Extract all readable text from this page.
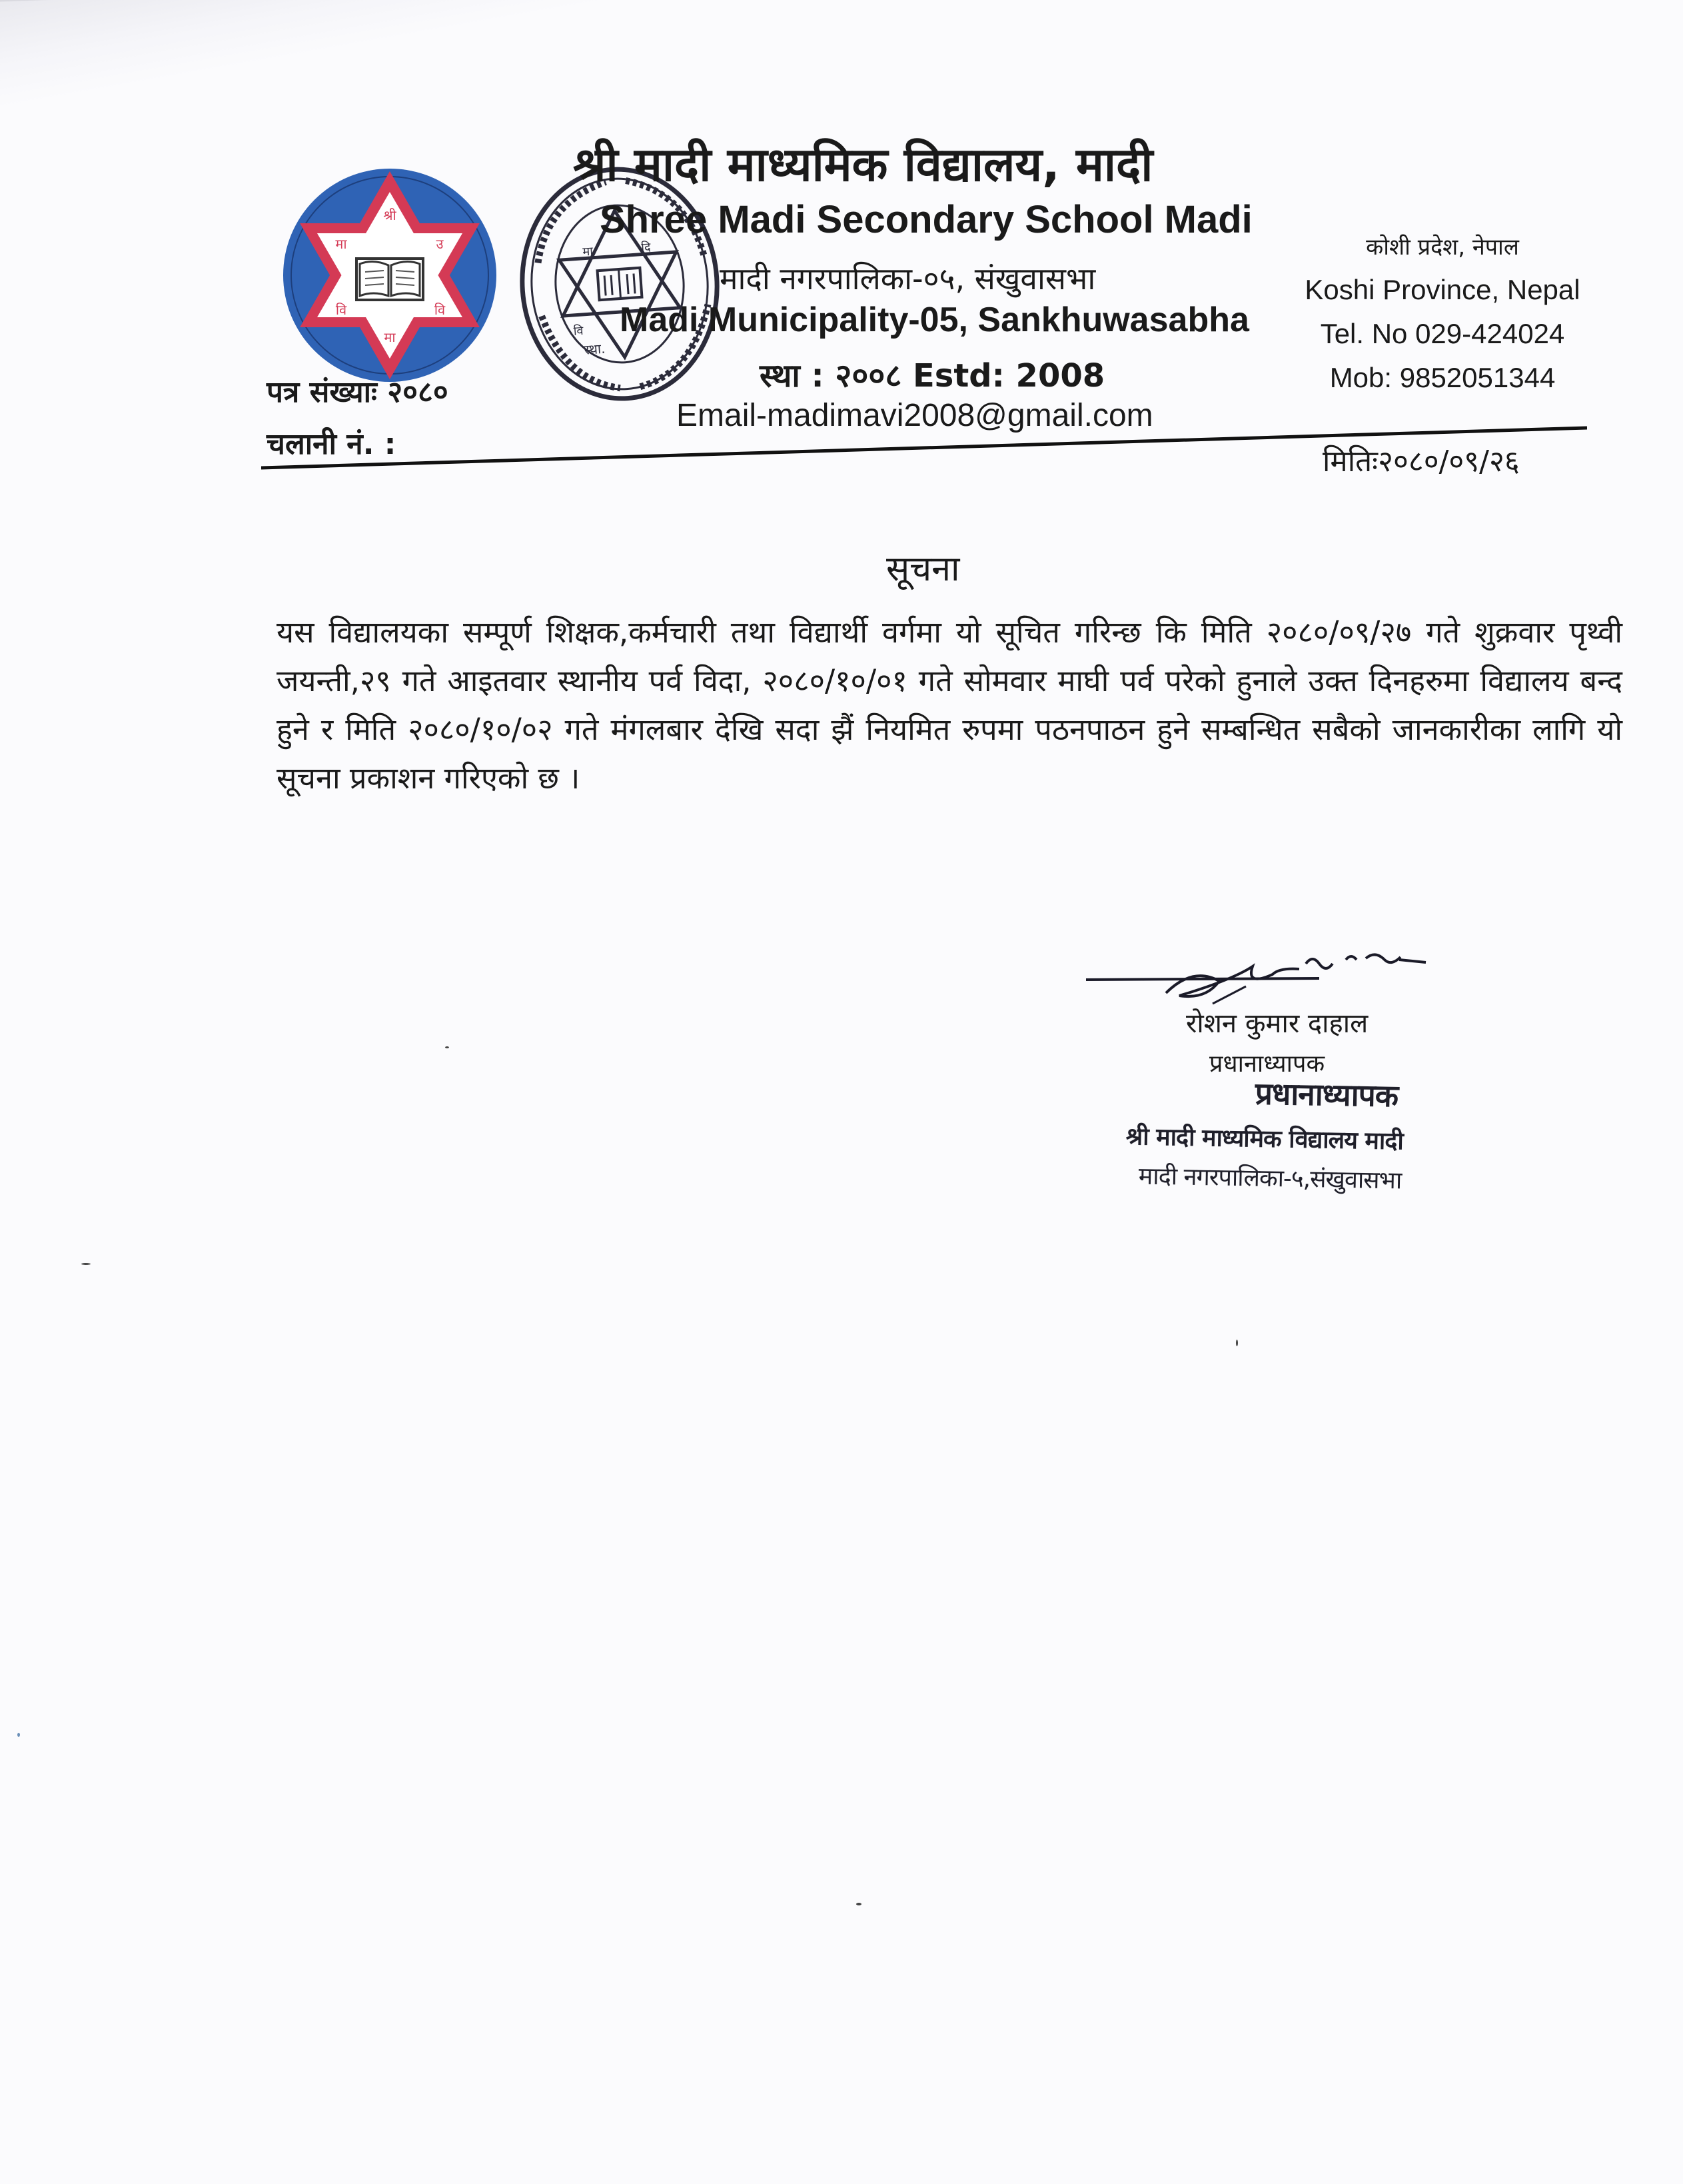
श्री
उ
वि
मा
वि
मा	मा	दि
वि
स्था.
श्री मादी माध्यमिक विद्यालय, मादी
Shree Madi Secondary School Madi
मादी नगरपालिका-०५, संखुवासभा
Madi Municipality-05, Sankhuwasabha
स्था : २००८ Estd: 2008
Email-madimavi2008@gmail.com
कोशी प्रदेश, नेपाल
Koshi Province, Nepal
Tel. No 029-424024
Mob: 9852051344
पत्र संख्याः २०८०
चलानी नं. :
मितिः२०८०/०९/२६
सूचना
यस विद्यालयका सम्पूर्ण शिक्षक,कर्मचारी तथा विद्यार्थी वर्गमा यो सूचित गरिन्छ कि मिति २०८०/०९/२७ गते शुक्रवार पृथ्वी जयन्ती,२९ गते आइतवार स्थानीय पर्व विदा, २०८०/१०/०१ गते सोमवार माघी पर्व परेको हुनाले उक्त दिनहरुमा विद्यालय बन्द हुने र मिति २०८०/१०/०२ गते मंगलबार देखि सदा झैं नियमित रुपमा पठनपाठन हुने सम्बन्धित सबैको जानकारीका लागि यो सूचना प्रकाशन गरिएको छ ।
रोशन कुमार दाहाल
प्रधानाध्यापक
प्रधानाध्यापक
श्री मादी माध्यमिक विद्यालय मादी
मादी नगरपालिका-५,संखुवासभा
